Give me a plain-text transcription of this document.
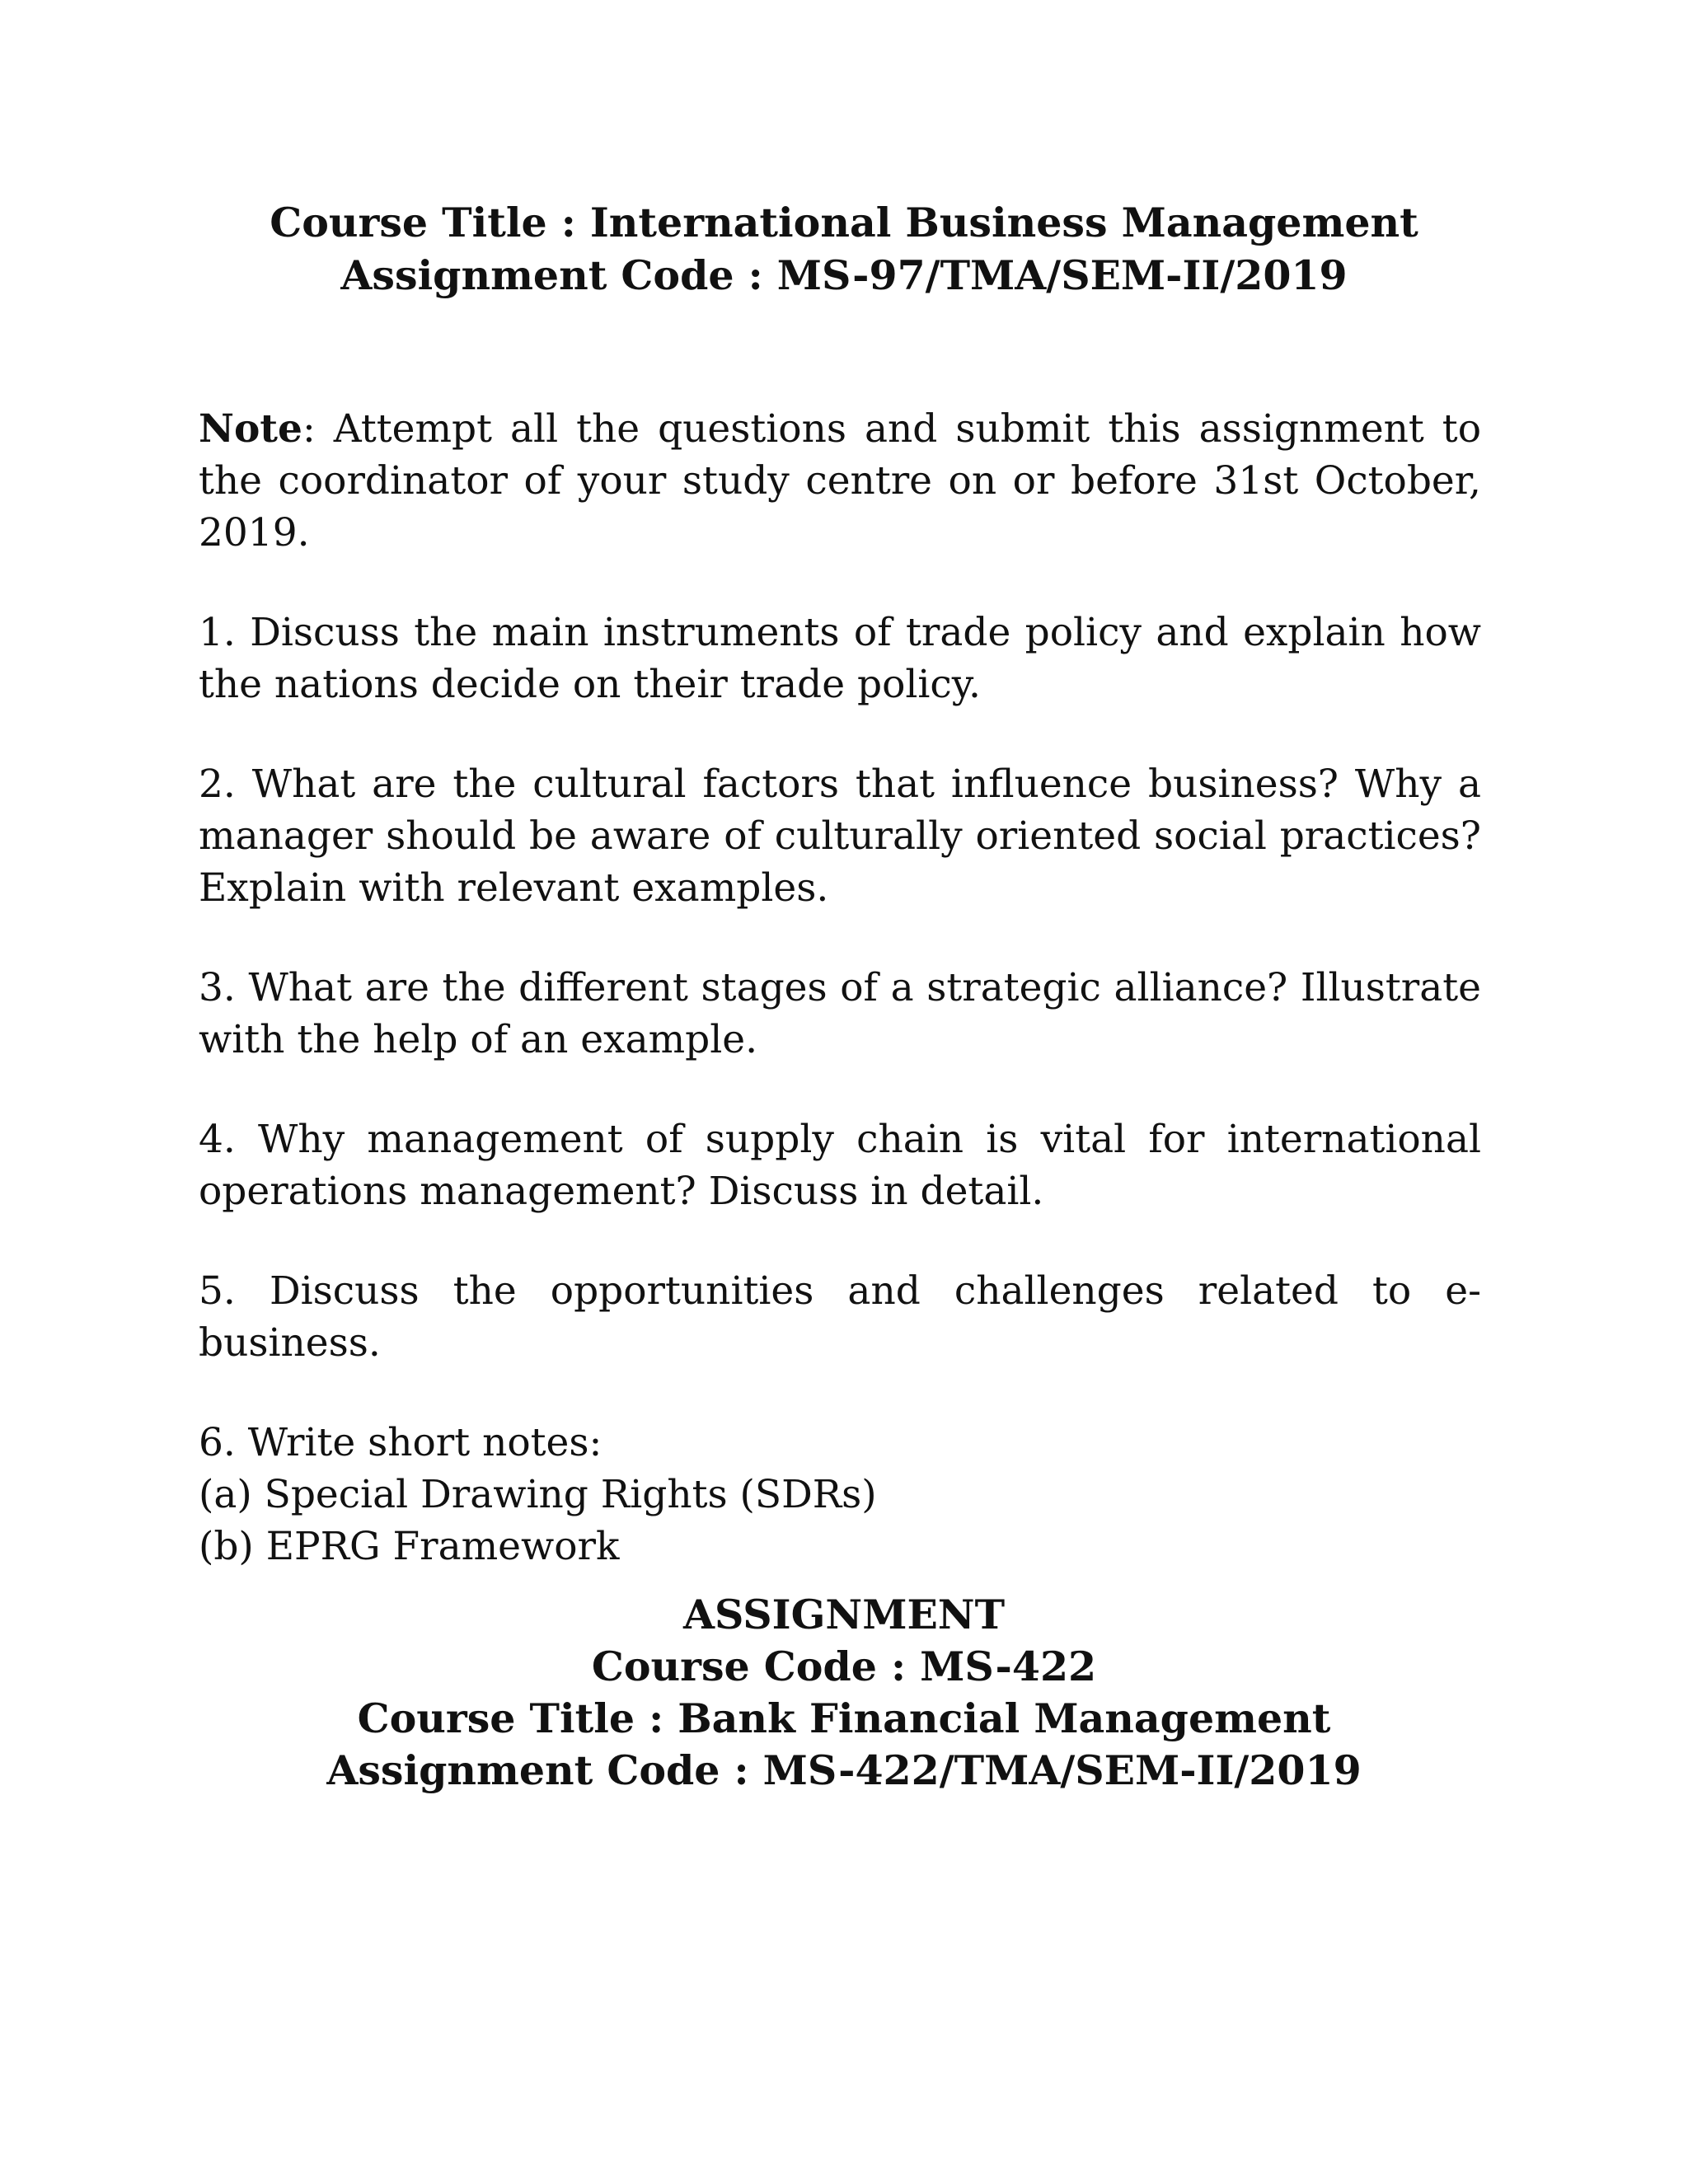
Course Title : International Business Management
Assignment Code : MS-97/TMA/SEM-II/2019

Note: Attempt all the questions and submit this assignment to the coordinator of your study centre on or before 31st October, 2019.

1. Discuss the main instruments of trade policy and explain how the nations decide on their trade policy.

2. What are the cultural factors that influence business? Why a manager should be aware of culturally oriented social practices? Explain with relevant examples.

3. What are the different stages of a strategic alliance? Illustrate with the help of an example.

4. Why management of supply chain is vital for international operations management? Discuss in detail.

5. Discuss the opportunities and challenges related to e-business.

6. Write short notes:
(a) Special Drawing Rights (SDRs)
(b) EPRG Framework
ASSIGNMENT
Course Code : MS-422
Course Title : Bank Financial Management
Assignment Code : MS-422/TMA/SEM-II/2019
